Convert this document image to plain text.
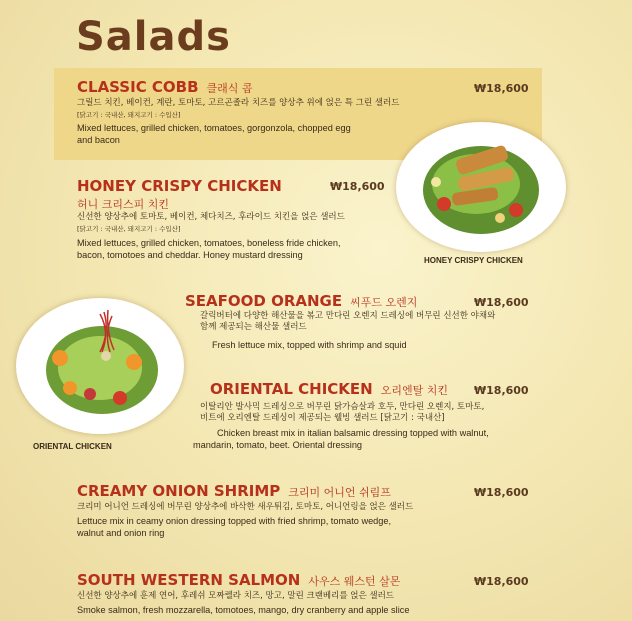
Salads
HONEY CRISPY CHICKEN
ORIENTAL CHICKEN
CLASSIC COBB 클래식 콥	₩18,600
그릴드 치킨, 베이컨, 계란, 토마토, 고르곤졸라 치즈를 양상추 위에 얹은 특 그린 샐러드
[닭고기 : 국내산, 돼지고기 : 수입산]
Mixed lettuces, grilled chicken, tomatoes, gorgonzola, chopped egg
and bacon
HONEY CRISPY CHICKEN	₩18,600
허니 크리스피 치킨
신선한 양상추에 토마토, 베이컨, 체다치즈, 후라이드 치킨을 얹은 샐러드
[닭고기 : 국내산, 돼지고기 : 수입산]
Mixed lettuces, grilled chicken, tomatoes, boneless fride chicken,
bacon, tomotoes and cheddar. Honey mustard dressing
SEAFOOD ORANGE 씨푸드 오렌지	₩18,600
갈릭버터에 다양한 해산물을 볶고 만다린 오렌지 드레싱에 버무린 신선한 야채와
함께 제공되는 해산물 샐러드
Fresh lettuce mix, topped with shrimp and squid
ORIENTAL CHICKEN 오리엔탈 치킨 ₩18,600
이탈리안 발사믹 드레싱으로 버무린 닭가슴살과 호두, 만다린 오렌지, 토마토,
비트에 오리엔탈 드레싱이 제공되는 웰빙 샐러드 [닭고기 : 국내산]
Chicken breast mix in italian balsamic dressing topped with walnut,
mandarin, tomato, beet. Oriental dressing
CREAMY ONION SHRIMP 크리미 어니언 쉬림프	₩18,600
크리미 어니언 드레싱에 버무린 양상추에 바삭한 새우튀김, 토마토, 어니언링을 얹은 샐러드
Lettuce mix in ceamy onion dressing topped with fried shrimp, tomato wedge,
walnut and onion ring
SOUTH WESTERN SALMON 사우스 웨스턴 살몬	₩18,600
신선한 양상추에 훈제 연어, 후레쉬 모짜렐라 치즈, 망고, 말린 크랜베리를 얹은 샐러드
Smoke salmon, fresh mozzarella, tomotoes, mango, dry cranberry and apple slice
